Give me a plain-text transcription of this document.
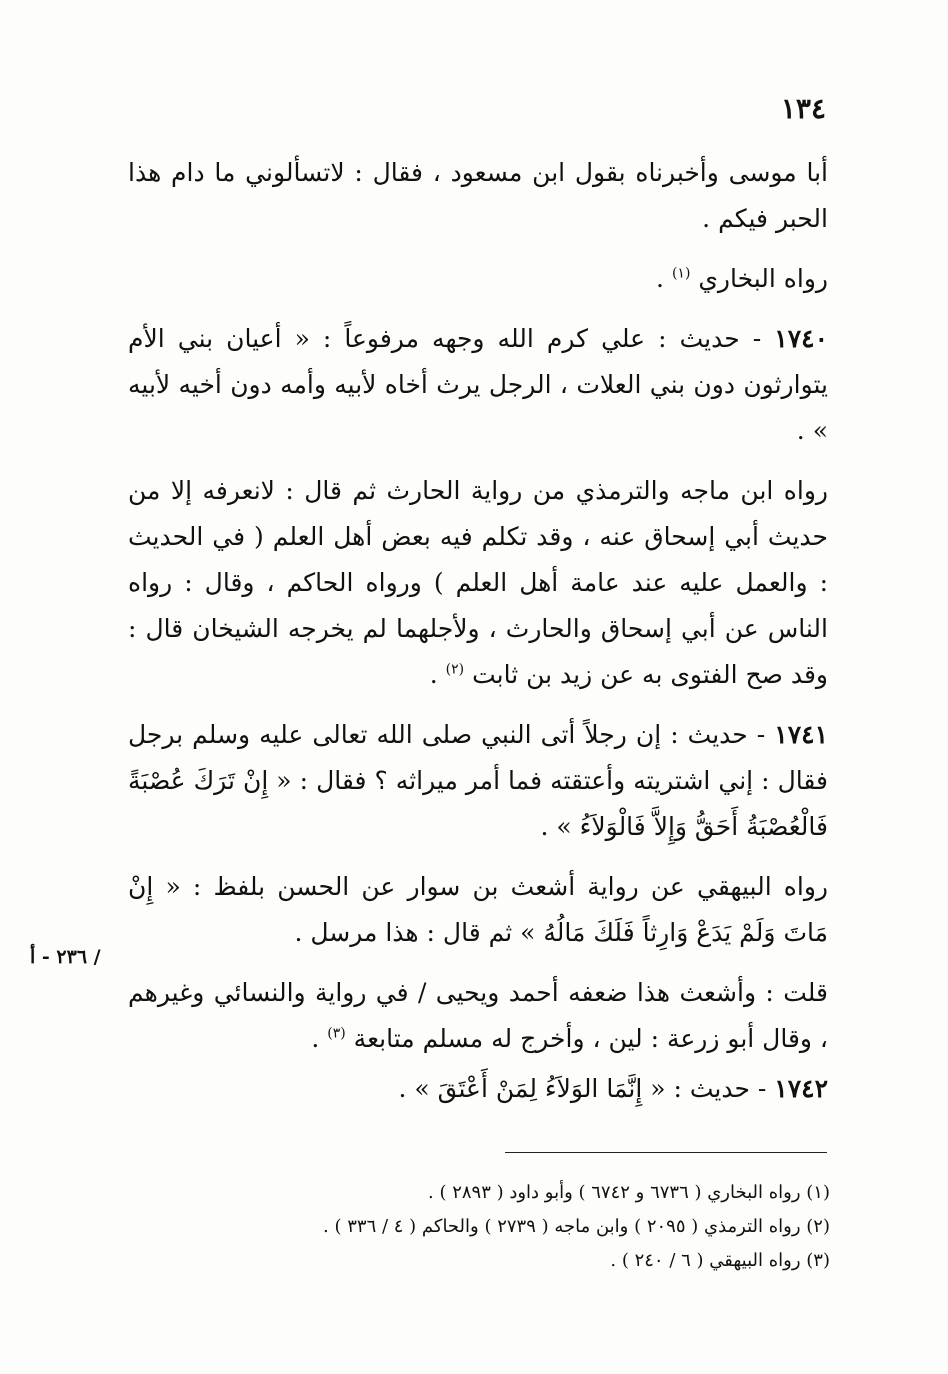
١٣٤

أبا موسى وأخبرناه بقول ابن مسعود ، فقال : لاتسألوني ما دام هذا الحبر فيكم .

رواه البخاري $^{(١)}$ .

١٧٤٠ - حديث : علي كرم الله وجهه مرفوعاً : « أعيان بني الأم يتوارثون دون بني العلات ، الرجل يرث أخاه لأبيه وأمه دون أخيه لأبيه » .

رواه ابن ماجه والترمذي من رواية الحارث ثم قال : لانعرفه إلا من حديث أبي إسحاق عنه ، وقد تكلم فيه بعض أهل العلم ( في الحديث : والعمل عليه عند عامة أهل العلم ) ورواه الحاكم ، وقال : رواه الناس عن أبي إسحاق والحارث ، ولأجلهما لم يخرجه الشيخان قال : وقد صح الفتوى به عن زيد بن ثابت $^{(٢)}$ .

١٧٤١ - حديث : إن رجلاً أتى النبي صلى الله تعالى عليه وسلم برجل فقال : إني اشتريته وأعتقته فما أمر ميراثه ؟ فقال : « إِنْ تَرَكَ عُصْبَةً فَالْعُصْبَةُ أَحَقُّ وَإِلاَّ فَالْوَلاَءُ » .

رواه البيهقي عن رواية أشعث بن سوار عن الحسن بلفظ : « إِنْ مَاتَ وَلَمْ يَدَعْ وَارِثاً فَلَكَ مَالُهُ » ثم قال : هذا مرسل .

قلت : وأشعث هذا ضعفه أحمد ويحيى / في رواية والنسائي وغيرهم ، وقال أبو زرعة : لين ، وأخرج له مسلم متابعة $^{(٣)}$ .

١٧٤٢ - حديث : « إِنَّمَا الوَلاَءُ لِمَنْ أَعْتَقَ » .

/ ٢٣٦ - أ

(١) رواه البخاري ( ٦٧٣٦ و ٦٧٤٢ ) وأبو داود ( ٢٨٩٣ ) .

(٢) رواه الترمذي ( ٢٠٩٥ ) وابن ماجه ( ٢٧٣٩ ) والحاكم ( ٤ / ٣٣٦ ) .

(٣) رواه البيهقي ( ٦ / ٢٤٠ ) .
